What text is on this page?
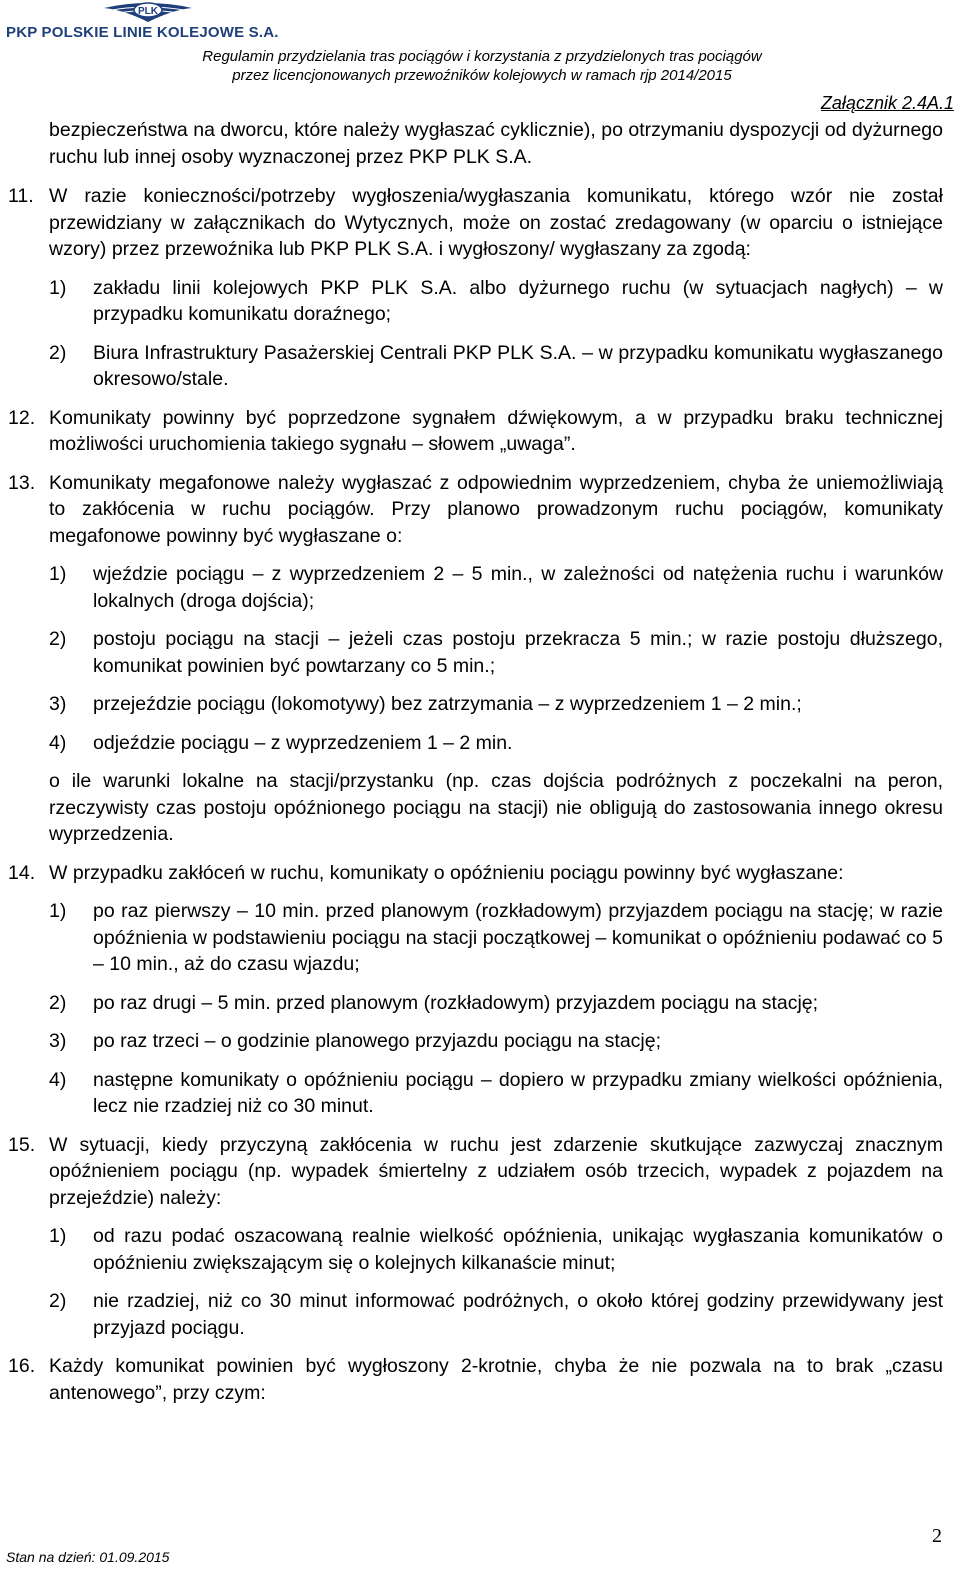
PLK
PKP POLSKIE LINIE KOLEJOWE S.A.
Regulamin przydzielania tras pociągów i korzystania z przydzielonych tras pociągów
przez licencjonowanych przewoźników kolejowych w ramach rjp 2014/2015
Załącznik 2.4A.1
bezpieczeństwa na dworcu, które należy wygłaszać cyklicznie), po otrzymaniu dyspozycji od dyżurnego ruchu lub innej osoby wyznaczonej przez PKP PLK S.A.
11. W razie konieczności/potrzeby wygłoszenia/wygłaszania komunikatu, którego wzór nie został przewidziany w załącznikach do Wytycznych, może on zostać zredagowany (w oparciu o istniejące wzory) przez przewoźnika lub PKP PLK S.A. i wygłoszony/ wygłaszany za zgodą:
1) zakładu linii kolejowych PKP PLK S.A. albo dyżurnego ruchu (w sytuacjach nagłych) – w przypadku komunikatu doraźnego;
2) Biura Infrastruktury Pasażerskiej Centrali PKP PLK S.A. – w przypadku komunikatu wygłaszanego okresowo/stale.
12. Komunikaty powinny być poprzedzone sygnałem dźwiękowym, a w przypadku braku technicznej możliwości uruchomienia takiego sygnału – słowem „uwaga”.
13. Komunikaty megafonowe należy wygłaszać z odpowiednim wyprzedzeniem, chyba że uniemożliwiają to zakłócenia w ruchu pociągów. Przy planowo prowadzonym ruchu pociągów, komunikaty megafonowe powinny być wygłaszane o:
1) wjeździe pociągu – z wyprzedzeniem 2 – 5 min., w zależności od natężenia ruchu i warunków lokalnych (droga dojścia);
2) postoju pociągu na stacji – jeżeli czas postoju przekracza 5 min.; w razie postoju dłuższego, komunikat powinien być powtarzany co 5 min.;
3) przejeździe pociągu (lokomotywy) bez zatrzymania – z wyprzedzeniem 1 – 2 min.;
4) odjeździe pociągu – z wyprzedzeniem 1 – 2 min.
o ile warunki lokalne na stacji/przystanku (np. czas dojścia podróżnych z poczekalni na peron, rzeczywisty czas postoju opóźnionego pociągu na stacji) nie obligują do zastosowania innego okresu wyprzedzenia.
14. W przypadku zakłóceń w ruchu, komunikaty o opóźnieniu pociągu powinny być wygłaszane:
1) po raz pierwszy – 10 min. przed planowym (rozkładowym) przyjazdem pociągu na stację; w razie opóźnienia w podstawieniu pociągu na stacji początkowej – komunikat o opóźnieniu podawać co 5 – 10 min., aż do czasu wjazdu;
2) po raz drugi – 5 min. przed planowym (rozkładowym) przyjazdem pociągu na stację;
3) po raz trzeci – o godzinie planowego przyjazdu pociągu na stację;
4) następne komunikaty o opóźnieniu pociągu – dopiero w przypadku zmiany wielkości opóźnienia, lecz nie rzadziej niż co 30 minut.
15. W sytuacji, kiedy przyczyną zakłócenia w ruchu jest zdarzenie skutkujące zazwyczaj znacznym opóźnieniem pociągu (np. wypadek śmiertelny z udziałem osób trzecich, wypadek z pojazdem na przejeździe) należy:
1) od razu podać oszacowaną realnie wielkość opóźnienia, unikając wygłaszania komunikatów o opóźnieniu zwiększającym się o kolejnych kilkanaście minut;
2) nie rzadziej, niż co 30 minut informować podróżnych, o około której godziny przewidywany jest przyjazd pociągu.
16. Każdy komunikat powinien być wygłoszony 2-krotnie, chyba że nie pozwala na to brak „czasu antenowego”, przy czym:
Stan na dzień: 01.09.2015
2
